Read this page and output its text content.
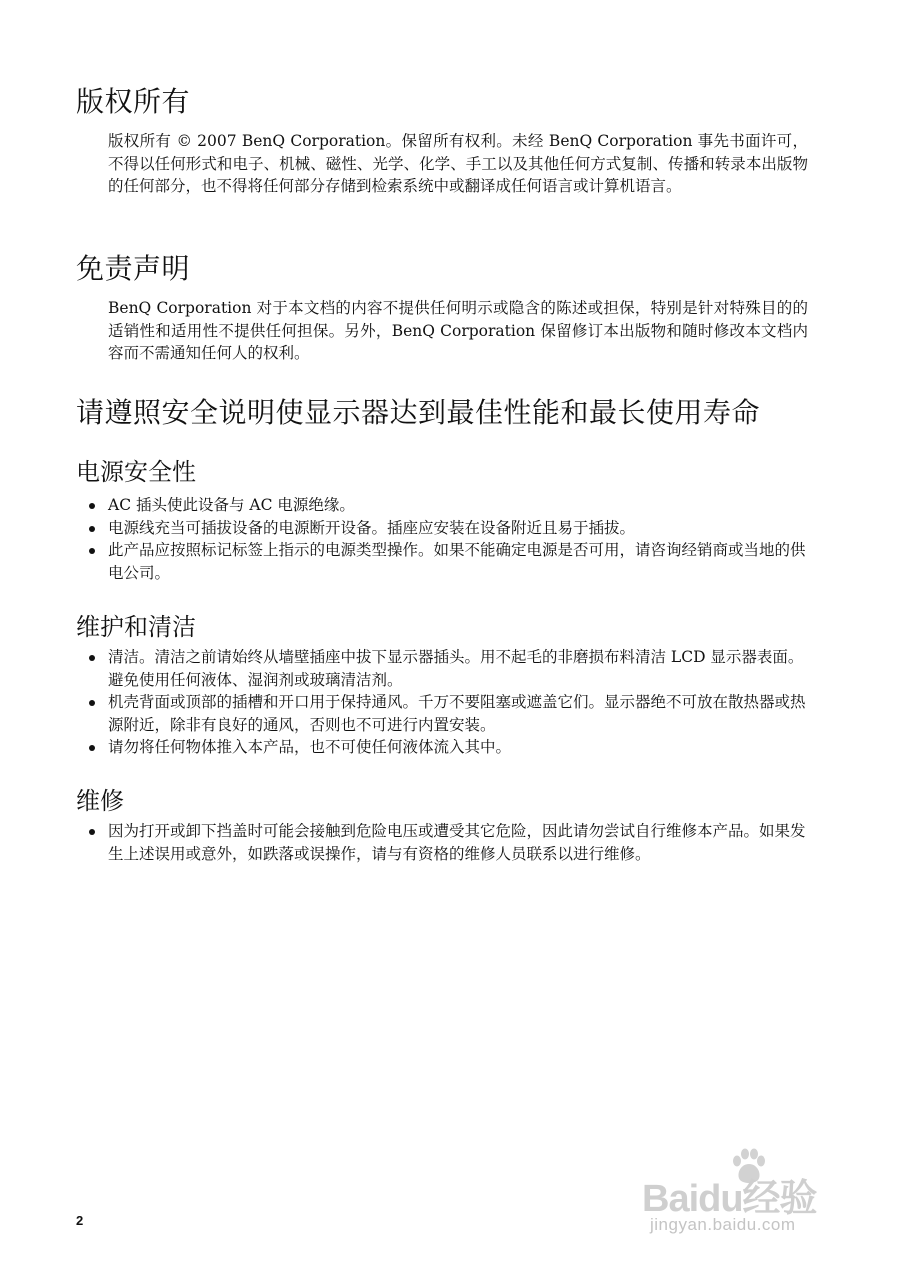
版权所有

版权所有 © 2007 BenQ Corporation。保留所有权利。未经 BenQ Corporation 事先书面许可，不得以任何形式和电子、机械、磁性、光学、化学、手工以及其他任何方式复制、传播和转录本出版物的任何部分，也不得将任何部分存储到检索系统中或翻译成任何语言或计算机语言。

免责声明

BenQ Corporation 对于本文档的内容不提供任何明示或隐含的陈述或担保，特别是针对特殊目的的适销性和适用性不提供任何担保。另外，BenQ Corporation 保留修订本出版物和随时修改本文档内容而不需通知任何人的权利。

请遵照安全说明使显示器达到最佳性能和最长使用寿命
电源安全性
AC 插头使此设备与 AC 电源绝缘。
电源线充当可插拔设备的电源断开设备。插座应安装在设备附近且易于插拔。
此产品应按照标记标签上指示的电源类型操作。如果不能确定电源是否可用，请咨询经销商或当地的供电公司。
维护和清洁
清洁。清洁之前请始终从墙壁插座中拔下显示器插头。用不起毛的非磨损布料清洁 LCD 显示器表面。避免使用任何液体、湿润剂或玻璃清洁剂。
机壳背面或顶部的插槽和开口用于保持通风。千万不要阻塞或遮盖它们。显示器绝不可放在散热器或热源附近，除非有良好的通风，否则也不可进行内置安装。
请勿将任何物体推入本产品，也不可使任何液体流入其中。
维修
因为打开或卸下挡盖时可能会接触到危险电压或遭受其它危险，因此请勿尝试自行维修本产品。如果发生上述误用或意外，如跌落或误操作，请与有资格的维修人员联系以进行维修。
2
Baidu经验
jingyan.baidu.com
